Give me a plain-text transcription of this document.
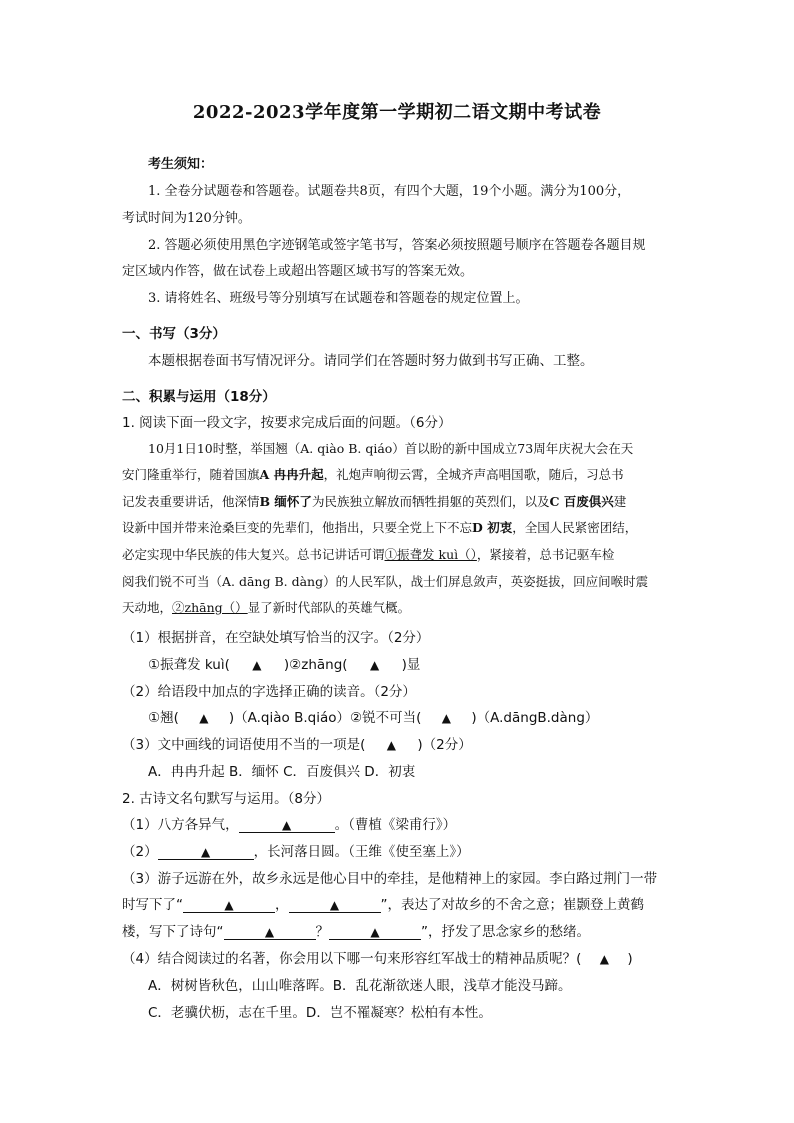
2022-2023学年度第一学期初二语文期中考试卷
考生须知：
1. 全卷分试题卷和答题卷。试题卷共8页，有四个大题，19个小题。满分为100分，
考试时间为120分钟。
2. 答题必须使用黑色字迹钢笔或签字笔书写，答案必须按照题号顺序在答题卷各题目规
定区域内作答，做在试卷上或超出答题区域书写的答案无效。
3. 请将姓名、班级号等分别填写在试题卷和答题卷的规定位置上。
一、书写（3分）
本题根据卷面书写情况评分。请同学们在答题时努力做到书写正确、工整。
二、积累与运用（18分）
1. 阅读下面一段文字，按要求完成后面的问题。（6分）
10月1日10时整，举国翘（A. qiào B. qiáo）首以盼的新中国成立73周年庆祝大会在天
安门隆重举行，随着国旗A 冉冉升起，礼炮声响彻云霄，全城齐声高唱国歌，随后，习总书
记发表重要讲话，他深情B 缅怀了为民族独立解放而牺牲捐躯的英烈们，以及C 百废俱兴建
设新中国并带来沧桑巨变的先辈们，他指出，只要全党上下不忘D 初衷，全国人民紧密团结，
必定实现中华民族的伟大复兴。总书记讲话可谓①振聋发 kuì（），紧接着，总书记驱车检
阅我们锐不可当（A. dāng B. dàng）的人民军队，战士们屏息敛声，英姿挺拔，回应间喉时震
天动地，②zhāng（）显了新时代部队的英雄气概。
（1）根据拼音，在空缺处填写恰当的汉字。（2分）
①振聋发 kuì( ▲ )②zhāng( ▲ )显
（2）给语段中加点的字选择正确的读音。（2分）
①翘( ▲ )（A.qiào B.qiáo）②锐不可当( ▲ )（A.dāngB.dàng）
（3）文中画线的词语使用不当的一项是( ▲ )（2分）
A．冉冉升起 B．缅怀 C．百废俱兴 D．初衷
2. 古诗文名句默写与运用。（8分）
（1）八方各异气，	▲	。（曹植《梁甫行》）
（2）	▲	，长河落日圆。（王维《使至塞上》）
（3）游子远游在外，故乡永远是他心目中的牵挂，是他精神上的家园。李白路过荆门一带
时写下了“	▲	，	▲	”，表达了对故乡的不舍之意；崔颢登上黄鹤
楼，写下了诗句“	▲	？	▲	”，抒发了思念家乡的愁绪。
（4）结合阅读过的名著，你会用以下哪一句来形容红军战士的精神品质呢？( ▲ )
A．树树皆秋色，山山唯落晖。B．乱花渐欲迷人眼，浅草才能没马蹄。
C．老骥伏枥，志在千里。D．岂不罹凝寒？松柏有本性。
